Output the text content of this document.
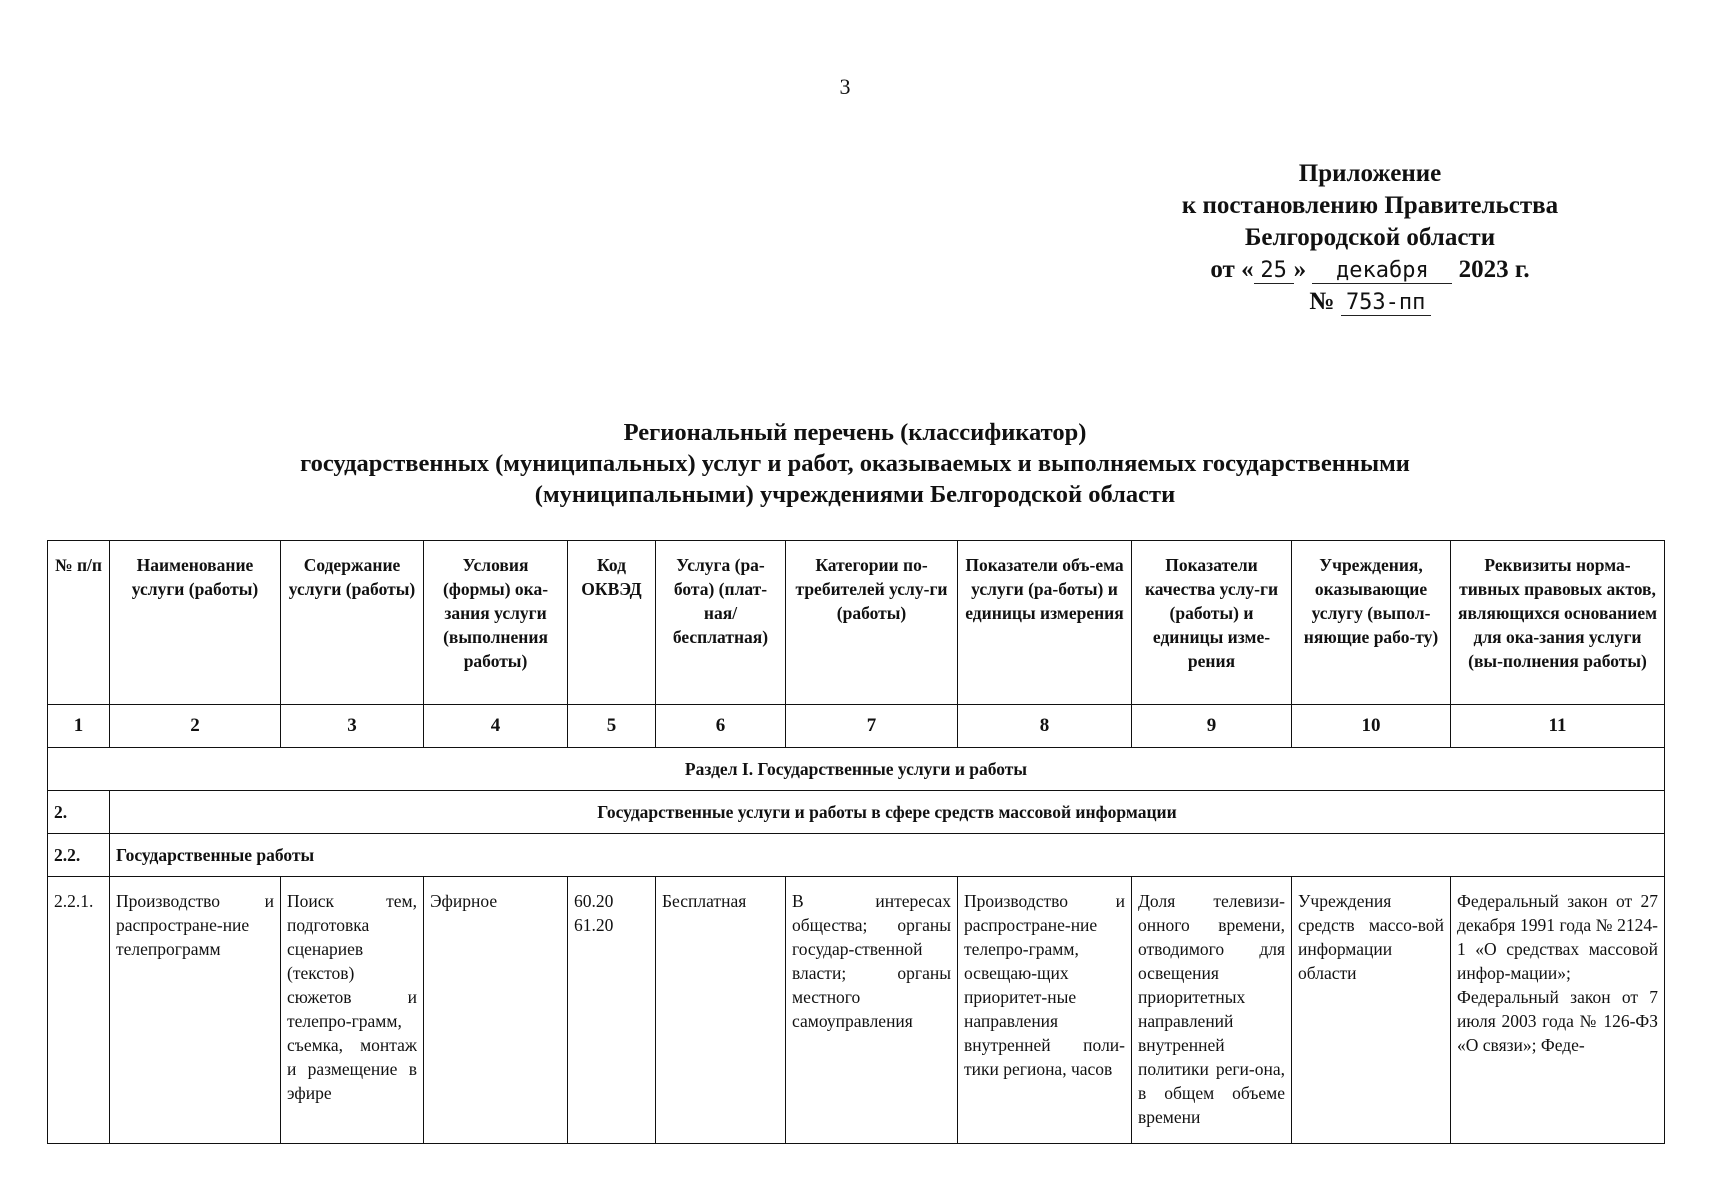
3
Приложение
к постановлению Правительства
Белгородской области
от « 25 » декабря 2023 г.
№ 753-пп
Региональный перечень (классификатор)
государственных (муниципальных) услуг и работ, оказываемых и выполняемых государственными
(муниципальными) учреждениями Белгородской области
№ п/п	Наименование услуги (работы)	Содержание услуги (работы)	Условия (формы) ока-зания услуги (выполнения работы)	Код ОКВЭД	Услуга (ра-бота) (плат-ная/ бесплатная)	Категории по-требителей услу-ги (работы)	Показатели объ-ема услуги (ра-боты) и единицы измерения	Показатели качества услу-ги (работы) и единицы изме-рения	Учреждения, оказывающие услугу (выпол-няющие рабо-ту)	Реквизиты норма-тивных правовых актов, являющихся основанием для ока-зания услуги (вы-полнения работы)
1	2	3	4	5	6	7	8	9	10	11
Раздел I. Государственные услуги и работы										
2.	Государственные услуги и работы в сфере средств массовой информации									
2.2.	Государственные работы									
2.2.1.	Производство и распростране-ние телепрограмм	Поиск тем, подготовка сценариев (текстов) сюжетов и телепро-грамм, съемка, монтаж и размещение в эфире	Эфирное	60.20 61.20	Бесплатная	В интересах общества; органы государ-ственной власти; органы местного самоуправления	Производство и распростране-ние телепро-грамм, освещаю-щих приоритет-ные направления внутренней поли-тики региона, часов	Доля телевизи-онного времени, отводимого для освещения приоритетных направлений внутренней политики реги-она, в общем объеме времени	Учреждения средств массо-вой информации области	Федеральный закон от 27 декабря 1991 года № 2124-1 «О средствах массовой инфор-мации»; Федеральный закон от 7 июля 2003 года № 126-ФЗ «О связи»; Феде-
